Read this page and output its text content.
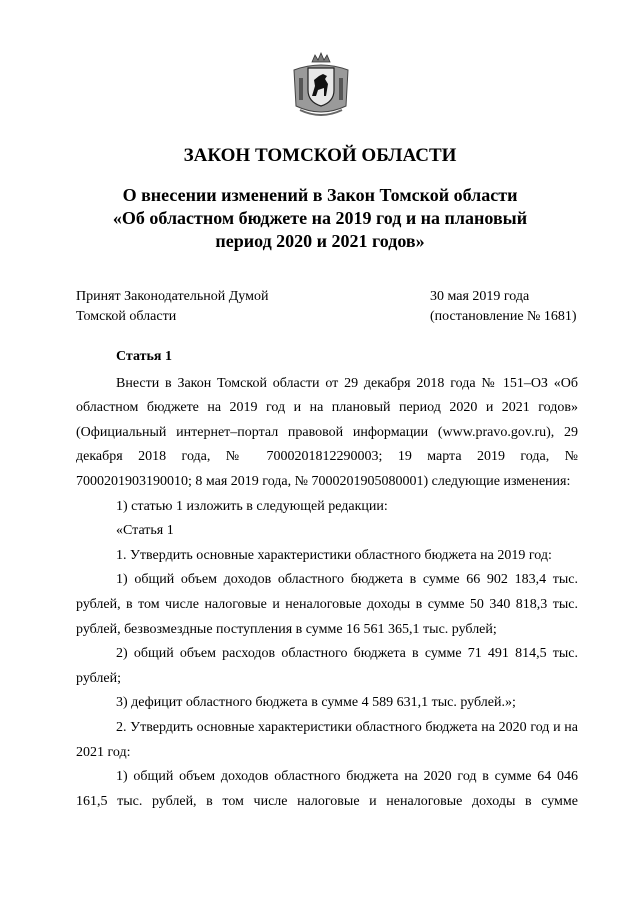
ЗАКОН ТОМСКОЙ ОБЛАСТИ
О внесении изменений в Закон Томской области
«Об областном бюджете на 2019 год и на плановый
период 2020 и 2021 годов»
Принят Законодательной Думой
Томской области
30 мая 2019 года
(постановление № 1681)
Статья 1

Внести в Закон Томской области от 29 декабря 2018 года № 151–ОЗ «Об областном бюджете на 2019 год и на плановый период 2020 и 2021 годов» (Официальный интернет–портал правовой информации (www.pravo.gov.ru), 29 декабря 2018 года, № 7000201812290003; 19 марта 2019 года, № 7000201903190010; 8 мая 2019 года, № 7000201905080001) следующие изменения:

1) статью 1 изложить в следующей редакции:

«Статья 1

1. Утвердить основные характеристики областного бюджета на 2019 год:

1) общий объем доходов областного бюджета в сумме 66 902 183,4 тыс. рублей, в том числе налоговые и неналоговые доходы в сумме 50 340 818,3 тыс. рублей, безвозмездные поступления в сумме 16 561 365,1 тыс. рублей;

2) общий объем расходов областного бюджета в сумме 71 491 814,5 тыс. рублей;

3) дефицит областного бюджета в сумме 4 589 631,1 тыс. рублей.»;

2. Утвердить основные характеристики областного бюджета на 2020 год и на 2021 год:

1) общий объем доходов областного бюджета на 2020 год в сумме 64 046 161,5 тыс. рублей, в том числе налоговые и неналоговые доходы в сумме
